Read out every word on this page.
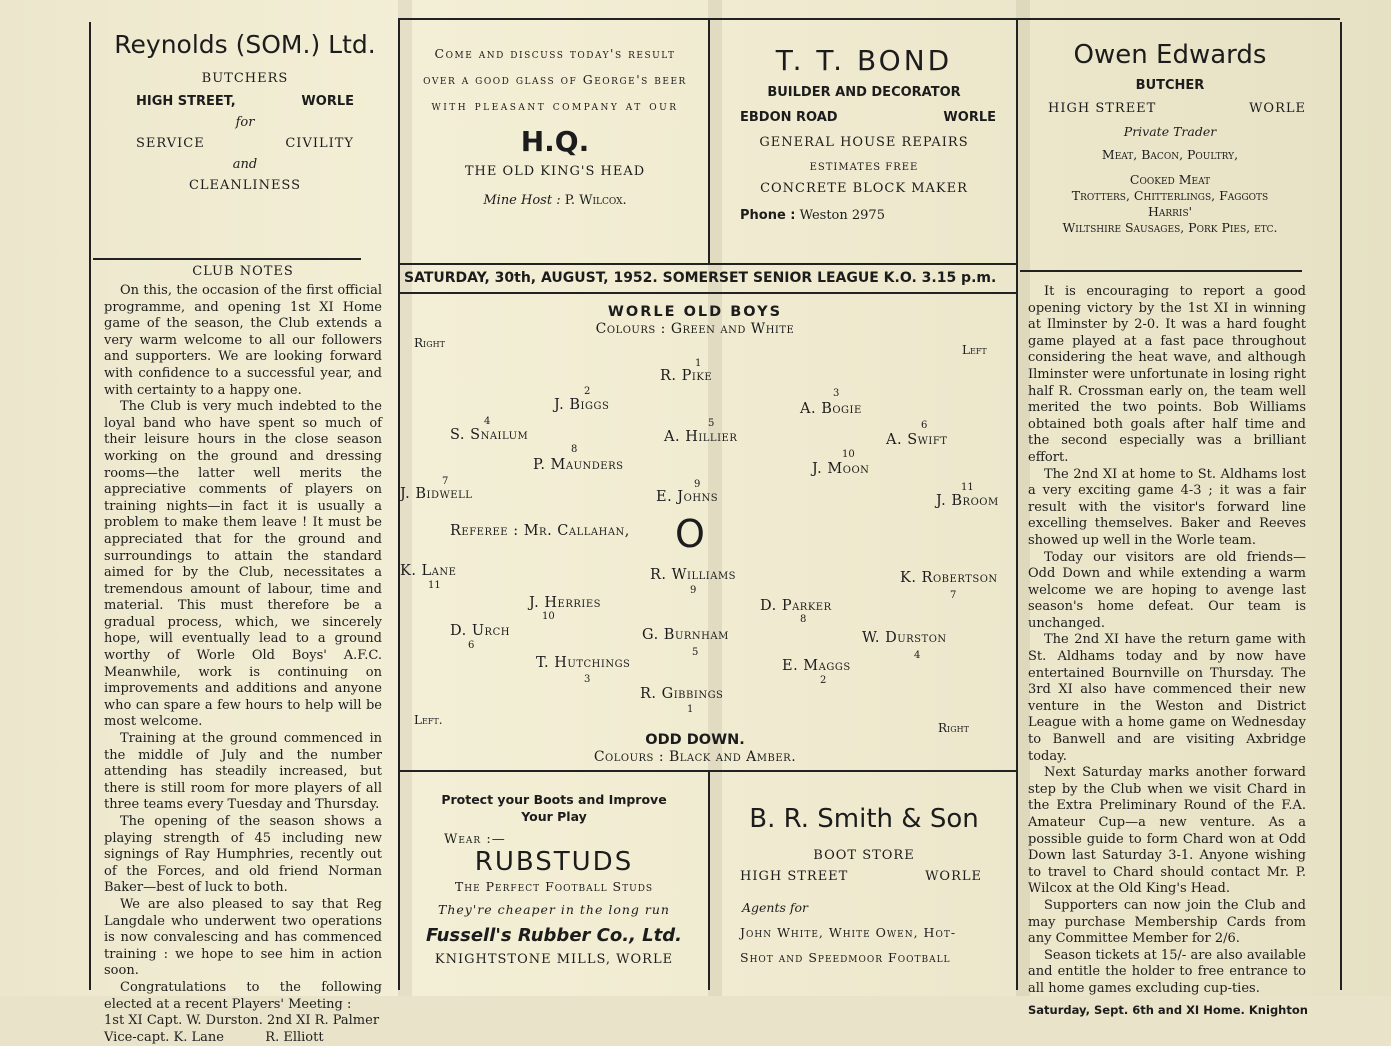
Reynolds (SOM.) Ltd.
BUTCHERS
HIGH STREET,	WORLE
for
SERVICE	CIVILITY
and
CLEANLINESS
Come and discuss today's result
over a good glass of George's beer
with pleasant company at our
H.Q.
THE OLD KING'S HEAD
Mine Host : P. Wilcox.
T. T. BOND
BUILDER AND DECORATOR
EBDON ROAD	WORLE
GENERAL HOUSE REPAIRS
ESTIMATES FREE
CONCRETE BLOCK MAKER
Phone : Weston 2975
Owen Edwards
BUTCHER
HIGH STREET	WORLE
Private Trader
Meat, Bacon, Poultry,
Cooked Meat
Trotters, Chitterlings, Faggots
Harris'
Wiltshire Sausages, Pork Pies, etc.
CLUB NOTES
On this, the occasion of the first official programme, and opening 1st XI Home game of the season, the Club extends a very warm welcome to all our followers and supporters. We are looking forward with confidence to a successful year, and with certainty to a happy one.
The Club is very much indebted to the loyal band who have spent so much of their leisure hours in the close season working on the ground and dressing rooms—the latter well merits the appreciative comments of players on training nights—in fact it is usually a problem to make them leave ! It must be appreciated that for the ground and surroundings to attain the standard aimed for by the Club, necessitates a tremendous amount of labour, time and material. This must therefore be a gradual process, which, we sincerely hope, will eventually lead to a ground worthy of Worle Old Boys' A.F.C. Meanwhile, work is continuing on improvements and additions and anyone who can spare a few hours to help will be most welcome.
Training at the ground commenced in the middle of July and the number attending has steadily increased, but there is still room for more players of all three teams every Tuesday and Thursday.
The opening of the season shows a playing strength of 45 including new signings of Ray Humphries, recently out of the Forces, and old friend Norman Baker—best of luck to both.
We are also pleased to say that Reg Langdale who underwent two operations is now convalescing and has commenced training : we hope to see him in action soon.
Congratulations to the following elected at a recent Players' Meeting :
1st XI Capt. W. Durston. 2nd XI R. Palmer
Vice-capt. K. Lane          R. Elliott
SATURDAY, 30th, AUGUST, 1952. SOMERSET SENIOR LEAGUE K.O. 3.15 p.m.
WORLE OLD BOYS
Colours : Green and White
Right	Left
1
R. Pike
2
J. Biggs
3
A. Bogie
4
S. Snailum
5
A. Hillier
6
A. Swift
8
P. Maunders
10
J. Moon
7
J. Bidwell
9
E. Johns
11
J. Broom
Referee : Mr. Callahan, O
11
K. Lane
9
R. Williams
7
K. Robertson
10
J. Herries
8
D. Parker
6
D. Urch
5
G. Burnham
4
W. Durston
3
T. Hutchings
2
E. Maggs
1
R. Gibbings
Left.
Right
ODD DOWN.
Colours : Black and Amber.
Protect your Boots and Improve
Your Play
Wear :—
RUBSTUDS
The Perfect Football Studs
They're cheaper in the long run
Fussell's Rubber Co., Ltd.
KNIGHTSTONE MILLS, WORLE
B. R. Smith & Son
BOOT STORE
HIGH STREET	WORLE
Agents for
John White, White Owen, Hot-
Shot and Speedmoor Football
It is encouraging to report a good opening victory by the 1st XI in winning at Ilminster by 2-0. It was a hard fought game played at a fast pace throughout considering the heat wave, and although Ilminster were unfortunate in losing right half R. Crossman early on, the team well merited the two points. Bob Williams obtained both goals after half time and the second especially was a brilliant effort.
The 2nd XI at home to St. Aldhams lost a very exciting game 4-3 ; it was a fair result with the visitor's forward line excelling themselves. Baker and Reeves showed up well in the Worle team.
Today our visitors are old friends— Odd Down and while extending a warm welcome we are hoping to avenge last season's home defeat. Our team is unchanged.
The 2nd XI have the return game with St. Aldhams today and by now have entertained Bournville on Thursday. The 3rd XI also have commenced their new venture in the Weston and District League with a home game on Wednesday to Banwell and are visiting Axbridge today.
Next Saturday marks another forward step by the Club when we visit Chard in the Extra Preliminary Round of the F.A. Amateur Cup—a new venture. As a possible guide to form Chard won at Odd Down last Saturday 3-1. Anyone wishing to travel to Chard should contact Mr. P. Wilcox at the Old King's Head.
Supporters can now join the Club and may purchase Membership Cards from any Committee Member for 2/6.
Season tickets at 15/- are also available and entitle the holder to free entrance to all home games excluding cup-ties.
Saturday, Sept. 6th and XI Home. Knighton
